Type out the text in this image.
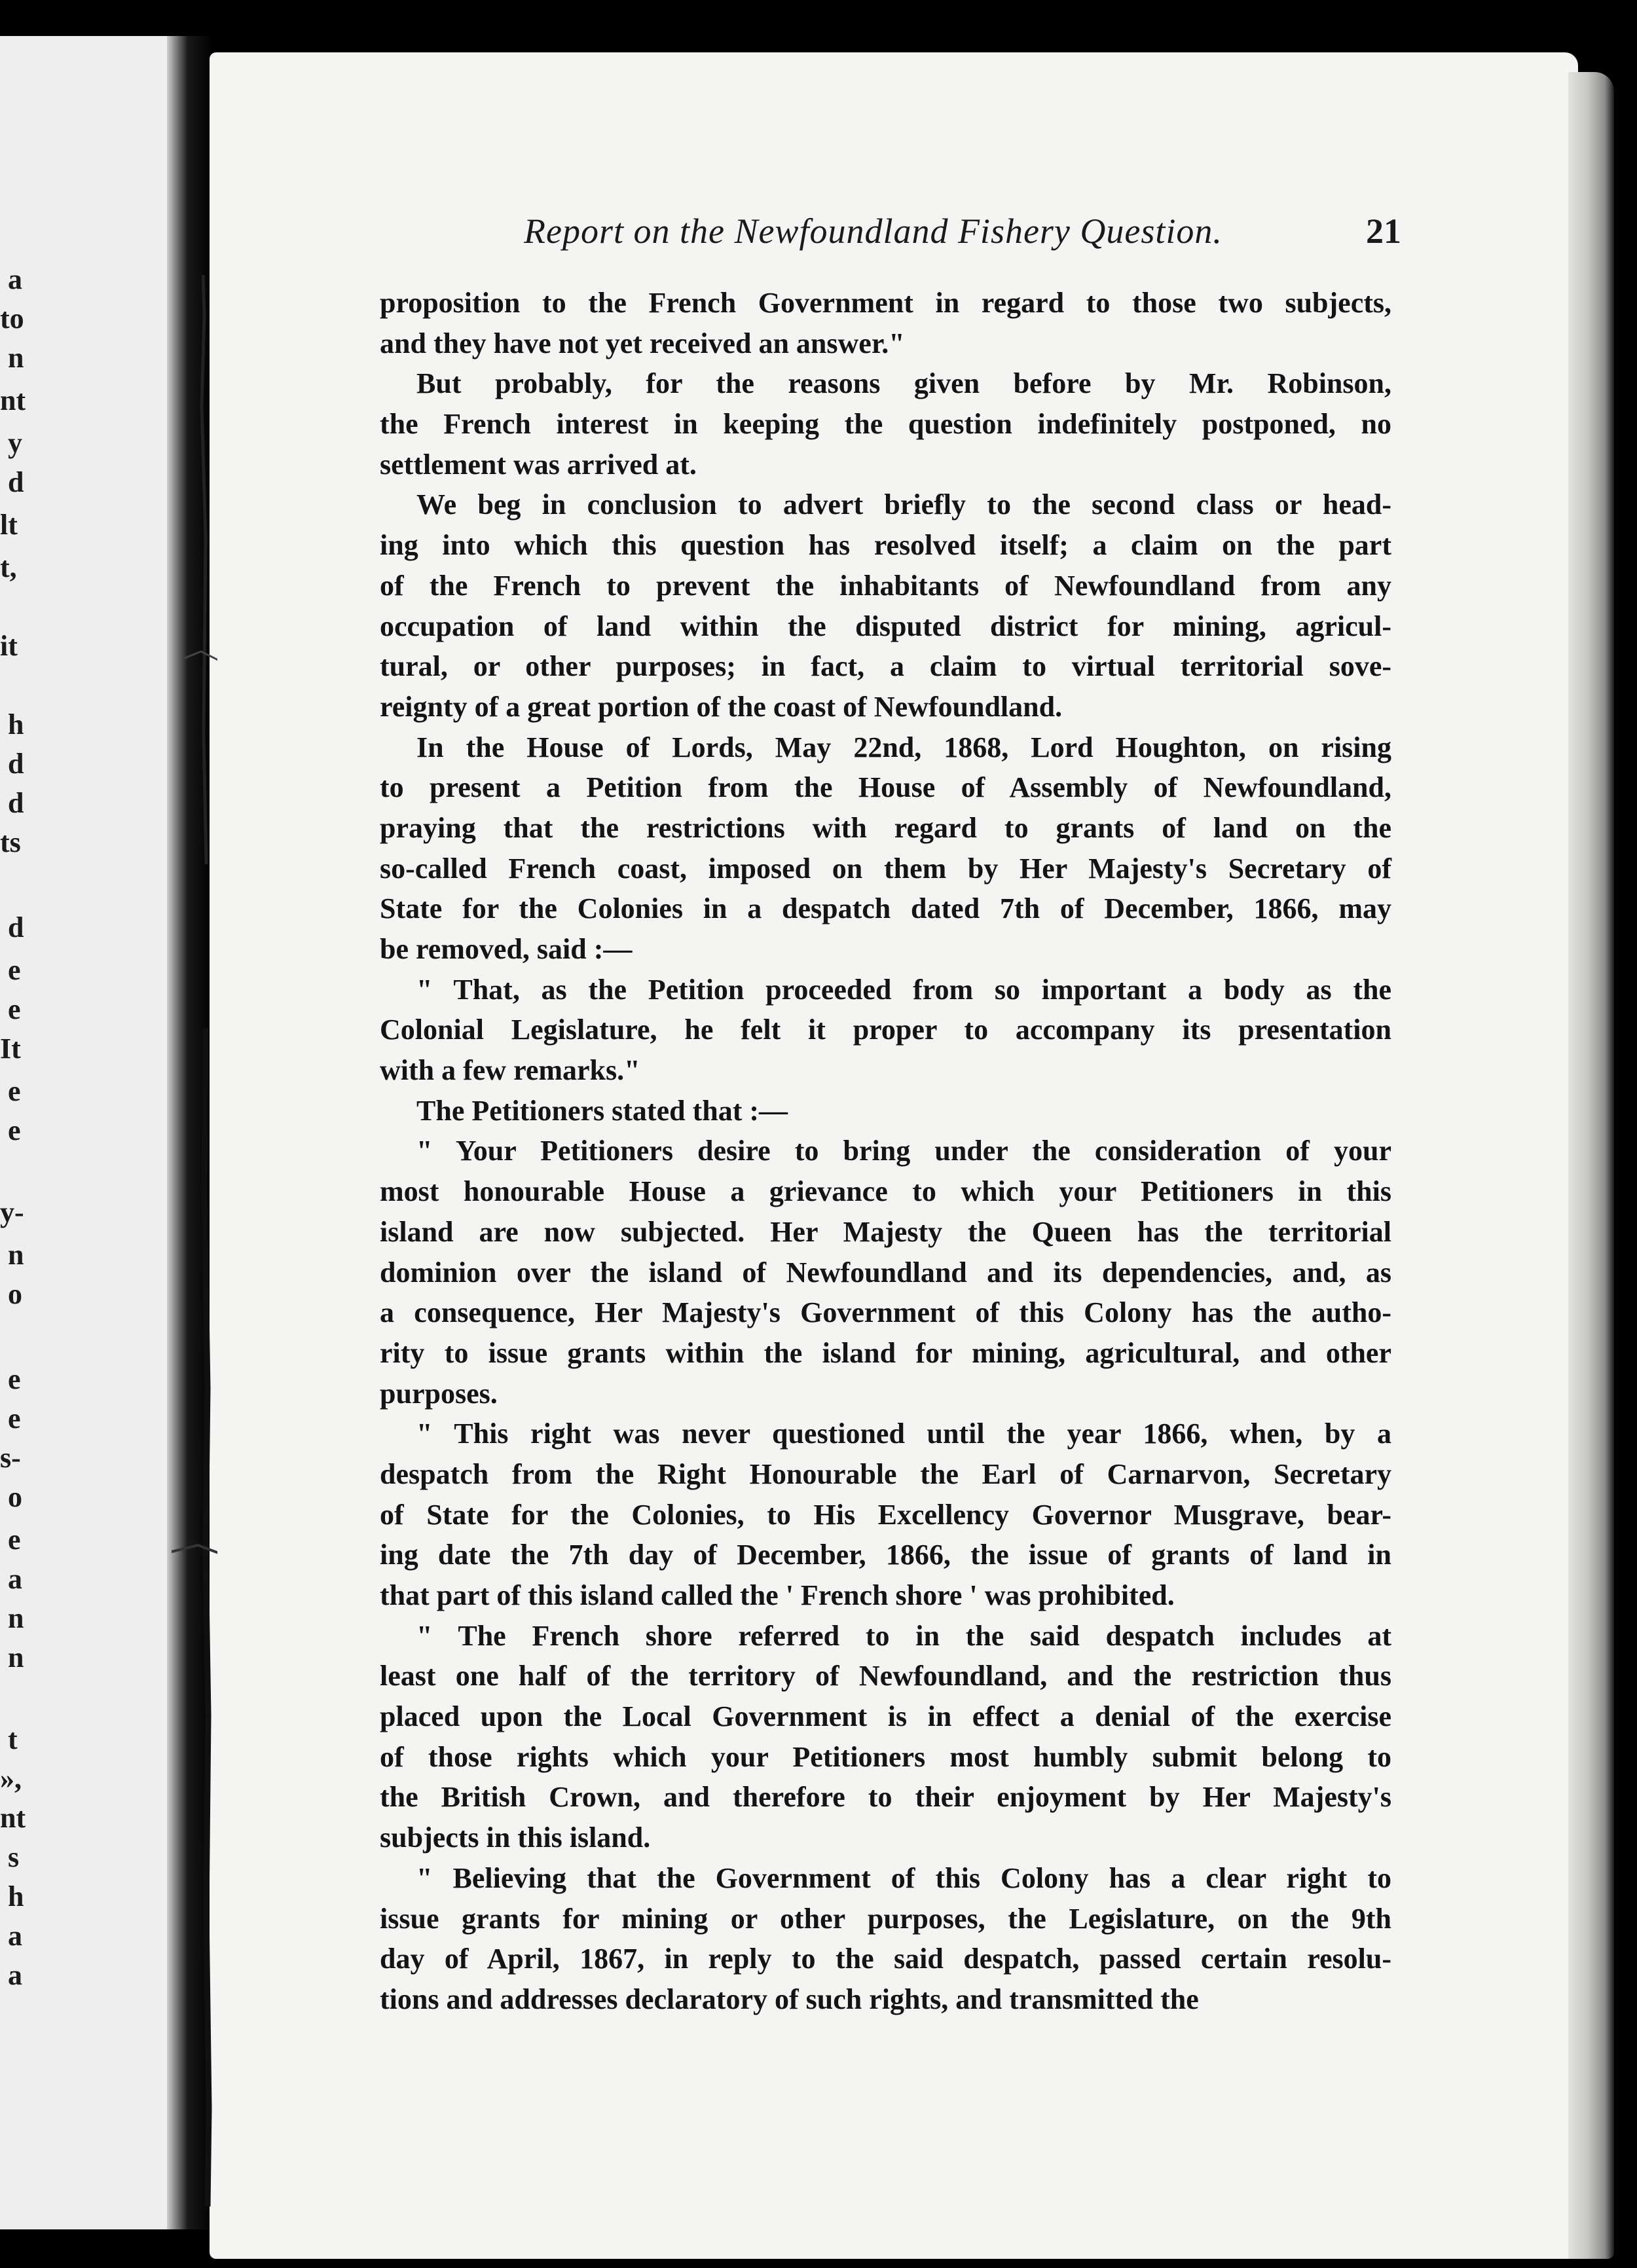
a
to
n
nt
y
d
lt
t,
it
h
d
d
ts
d
e
e
It
e
e
y-
n
o
e
e
s-
o
e
a
n
n
t
»,
nt
s
h
a
a
Report on the Newfoundland Fishery Question.	21
proposition to the French Government in regard to those two subjects,
and they have not yet received an answer."
But probably, for the reasons given before by Mr. Robinson,
the French interest in keeping the question indefinitely postponed, no
settlement was arrived at.
We beg in conclusion to advert briefly to the second class or head-
ing into which this question has resolved itself; a claim on the part
of the French to prevent the inhabitants of Newfoundland from any
occupation of land within the disputed district for mining, agricul-
tural, or other purposes; in fact, a claim to virtual territorial sove-
reignty of a great portion of the coast of Newfoundland.
In the House of Lords, May 22nd, 1868, Lord Houghton, on rising
to present a Petition from the House of Assembly of Newfoundland,
praying that the restrictions with regard to grants of land on the
so-called French coast, imposed on them by Her Majesty's Secretary of
State for the Colonies in a despatch dated 7th of December, 1866, may
be removed, said :—
" That, as the Petition proceeded from so important a body as the
Colonial Legislature, he felt it proper to accompany its presentation
with a few remarks."
The Petitioners stated that :—
" Your Petitioners desire to bring under the consideration of your
most honourable House a grievance to which your Petitioners in this
island are now subjected. Her Majesty the Queen has the territorial
dominion over the island of Newfoundland and its dependencies, and, as
a consequence, Her Majesty's Government of this Colony has the autho-
rity to issue grants within the island for mining, agricultural, and other
purposes.
" This right was never questioned until the year 1866, when, by a
despatch from the Right Honourable the Earl of Carnarvon, Secretary
of State for the Colonies, to His Excellency Governor Musgrave, bear-
ing date the 7th day of December, 1866, the issue of grants of land in
that part of this island called the ' French shore ' was prohibited.
" The French shore referred to in the said despatch includes at
least one half of the territory of Newfoundland, and the restriction thus
placed upon the Local Government is in effect a denial of the exercise
of those rights which your Petitioners most humbly submit belong to
the British Crown, and therefore to their enjoyment by Her Majesty's
subjects in this island.
" Believing that the Government of this Colony has a clear right to
issue grants for mining or other purposes, the Legislature, on the 9th
day of April, 1867, in reply to the said despatch, passed certain resolu-
tions and addresses declaratory of such rights, and transmitted the
